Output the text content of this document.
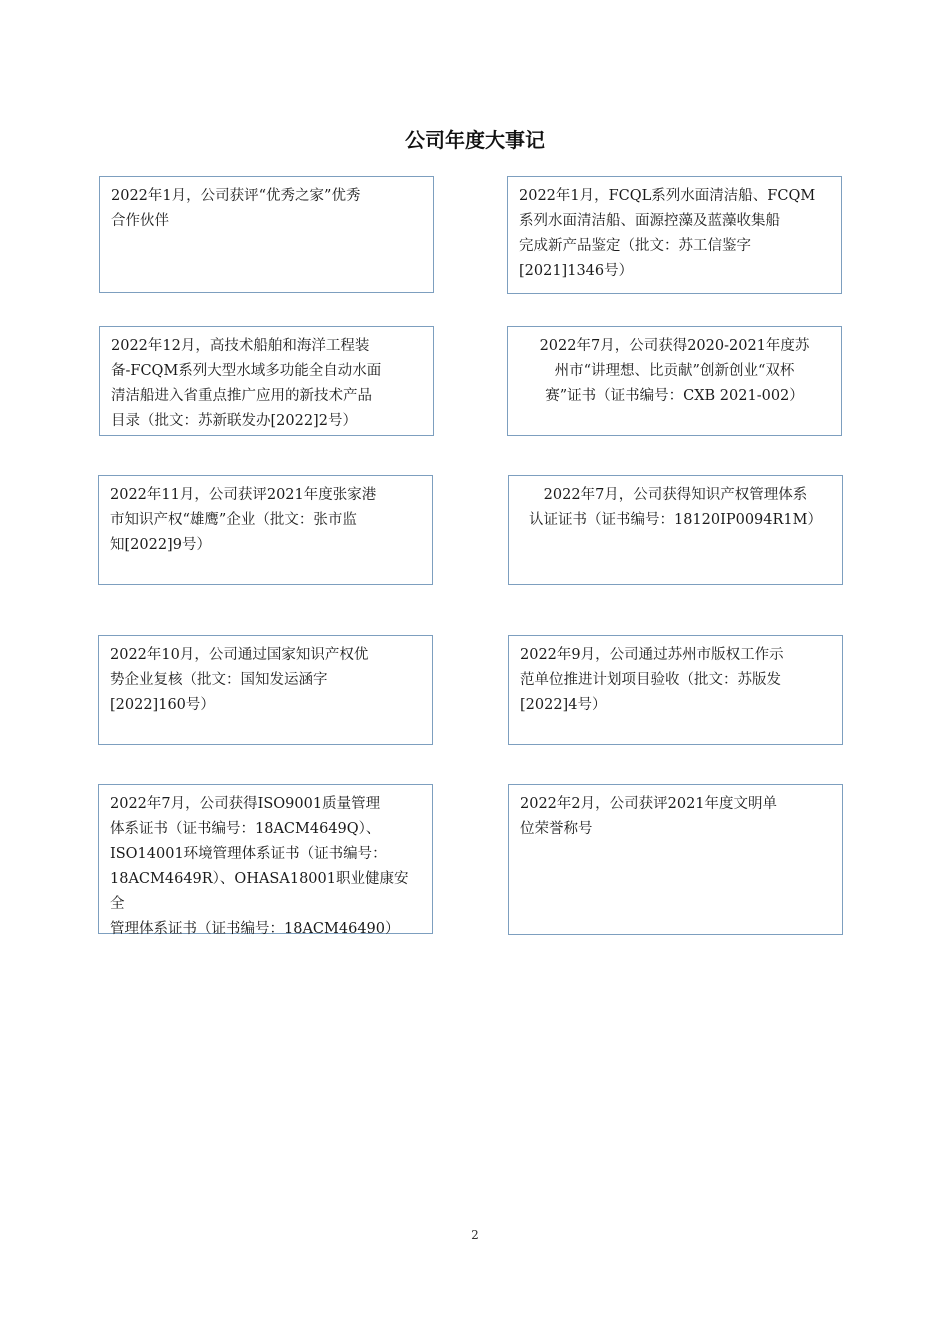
公司年度大事记
2022年1月，公司获评“优秀之家”优秀
合作伙伴
2022年1月，FCQL系列水面清洁船、FCQM
系列水面清洁船、面源控藻及蓝藻收集船
完成新产品鉴定（批文：苏工信鉴字
[2021]1346号）
2022年12月，高技术船舶和海洋工程装
备-FCQM系列大型水域多功能全自动水面
清洁船进入省重点推广应用的新技术产品
目录（批文：苏新联发办[2022]2号）
2022年7月，公司获得2020-2021年度苏
州市“讲理想、比贡献”创新创业“双杯
赛”证书（证书编号：CXB 2021-002）
2022年11月，公司获评2021年度张家港
市知识产权“雄鹰”企业（批文：张市监
知[2022]9号）
2022年7月，公司获得知识产权管理体系
认证证书（证书编号：18120IP0094R1M）
2022年10月，公司通过国家知识产权优
势企业复核（批文：国知发运涵字
[2022]160号）
2022年9月，公司通过苏州市版权工作示
范单位推进计划项目验收（批文：苏版发
[2022]4号）
2022年7月，公司获得ISO9001质量管理
体系证书（证书编号：18ACM4649Q）、
ISO14001环境管理体系证书（证书编号：
18ACM4649R）、OHASA18001职业健康安全
管理体系证书（证书编号：18ACM46490）
2022年2月，公司获评2021年度文明单
位荣誉称号
2
